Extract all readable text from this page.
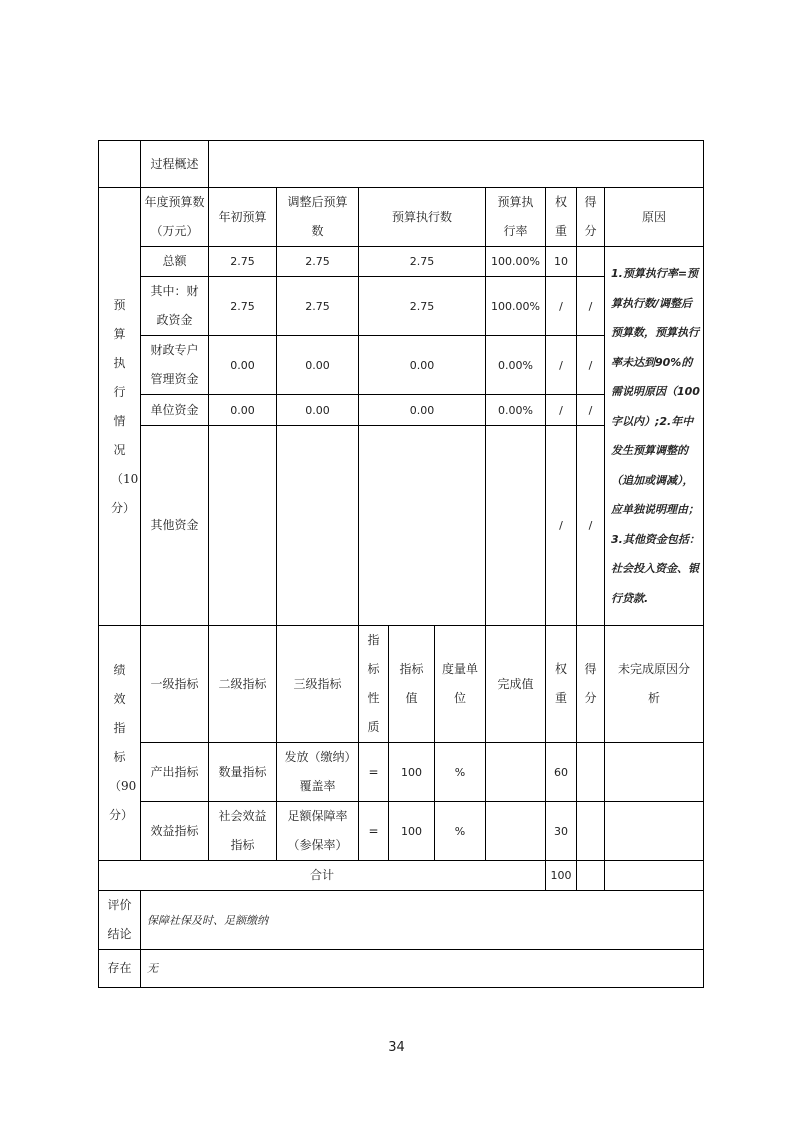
	过程概述									
预算执行情况（10分）	年度预算数（万元）	年初预算	调整后预算数	预算执行数			预算执行率	权重	得分	原因
	总额	2.75	2.75	2.75			100.00%	10		1.预算执行率=预算执行数/调整后预算数，预算执行率未达到90%的需说明原因（100字以内）;2.年中发生预算调整的（追加或调减），应单独说明理由；3.其他资金包括：社会投入资金、银行贷款.
	其中：财政资金	2.75	2.75	2.75			100.00%	/	/	
	财政专户管理资金	0.00	0.00	0.00			0.00%	/	/	
	单位资金	0.00	0.00	0.00			0.00%	/	/	
	其他资金							/	/	
绩效指标（90分）	一级指标	二级指标	三级指标	指标性质	指标值	度量单位	完成值	权重	得分	未完成原因分析
	产出指标	数量指标	发放（缴纳）覆盖率	=	100	%		60		
	效益指标	社会效益指标	足额保障率（参保率）	=	100	%		30		
合计								100		
评价结论	保障社保及时、足额缴纳									
存在	无									
34
